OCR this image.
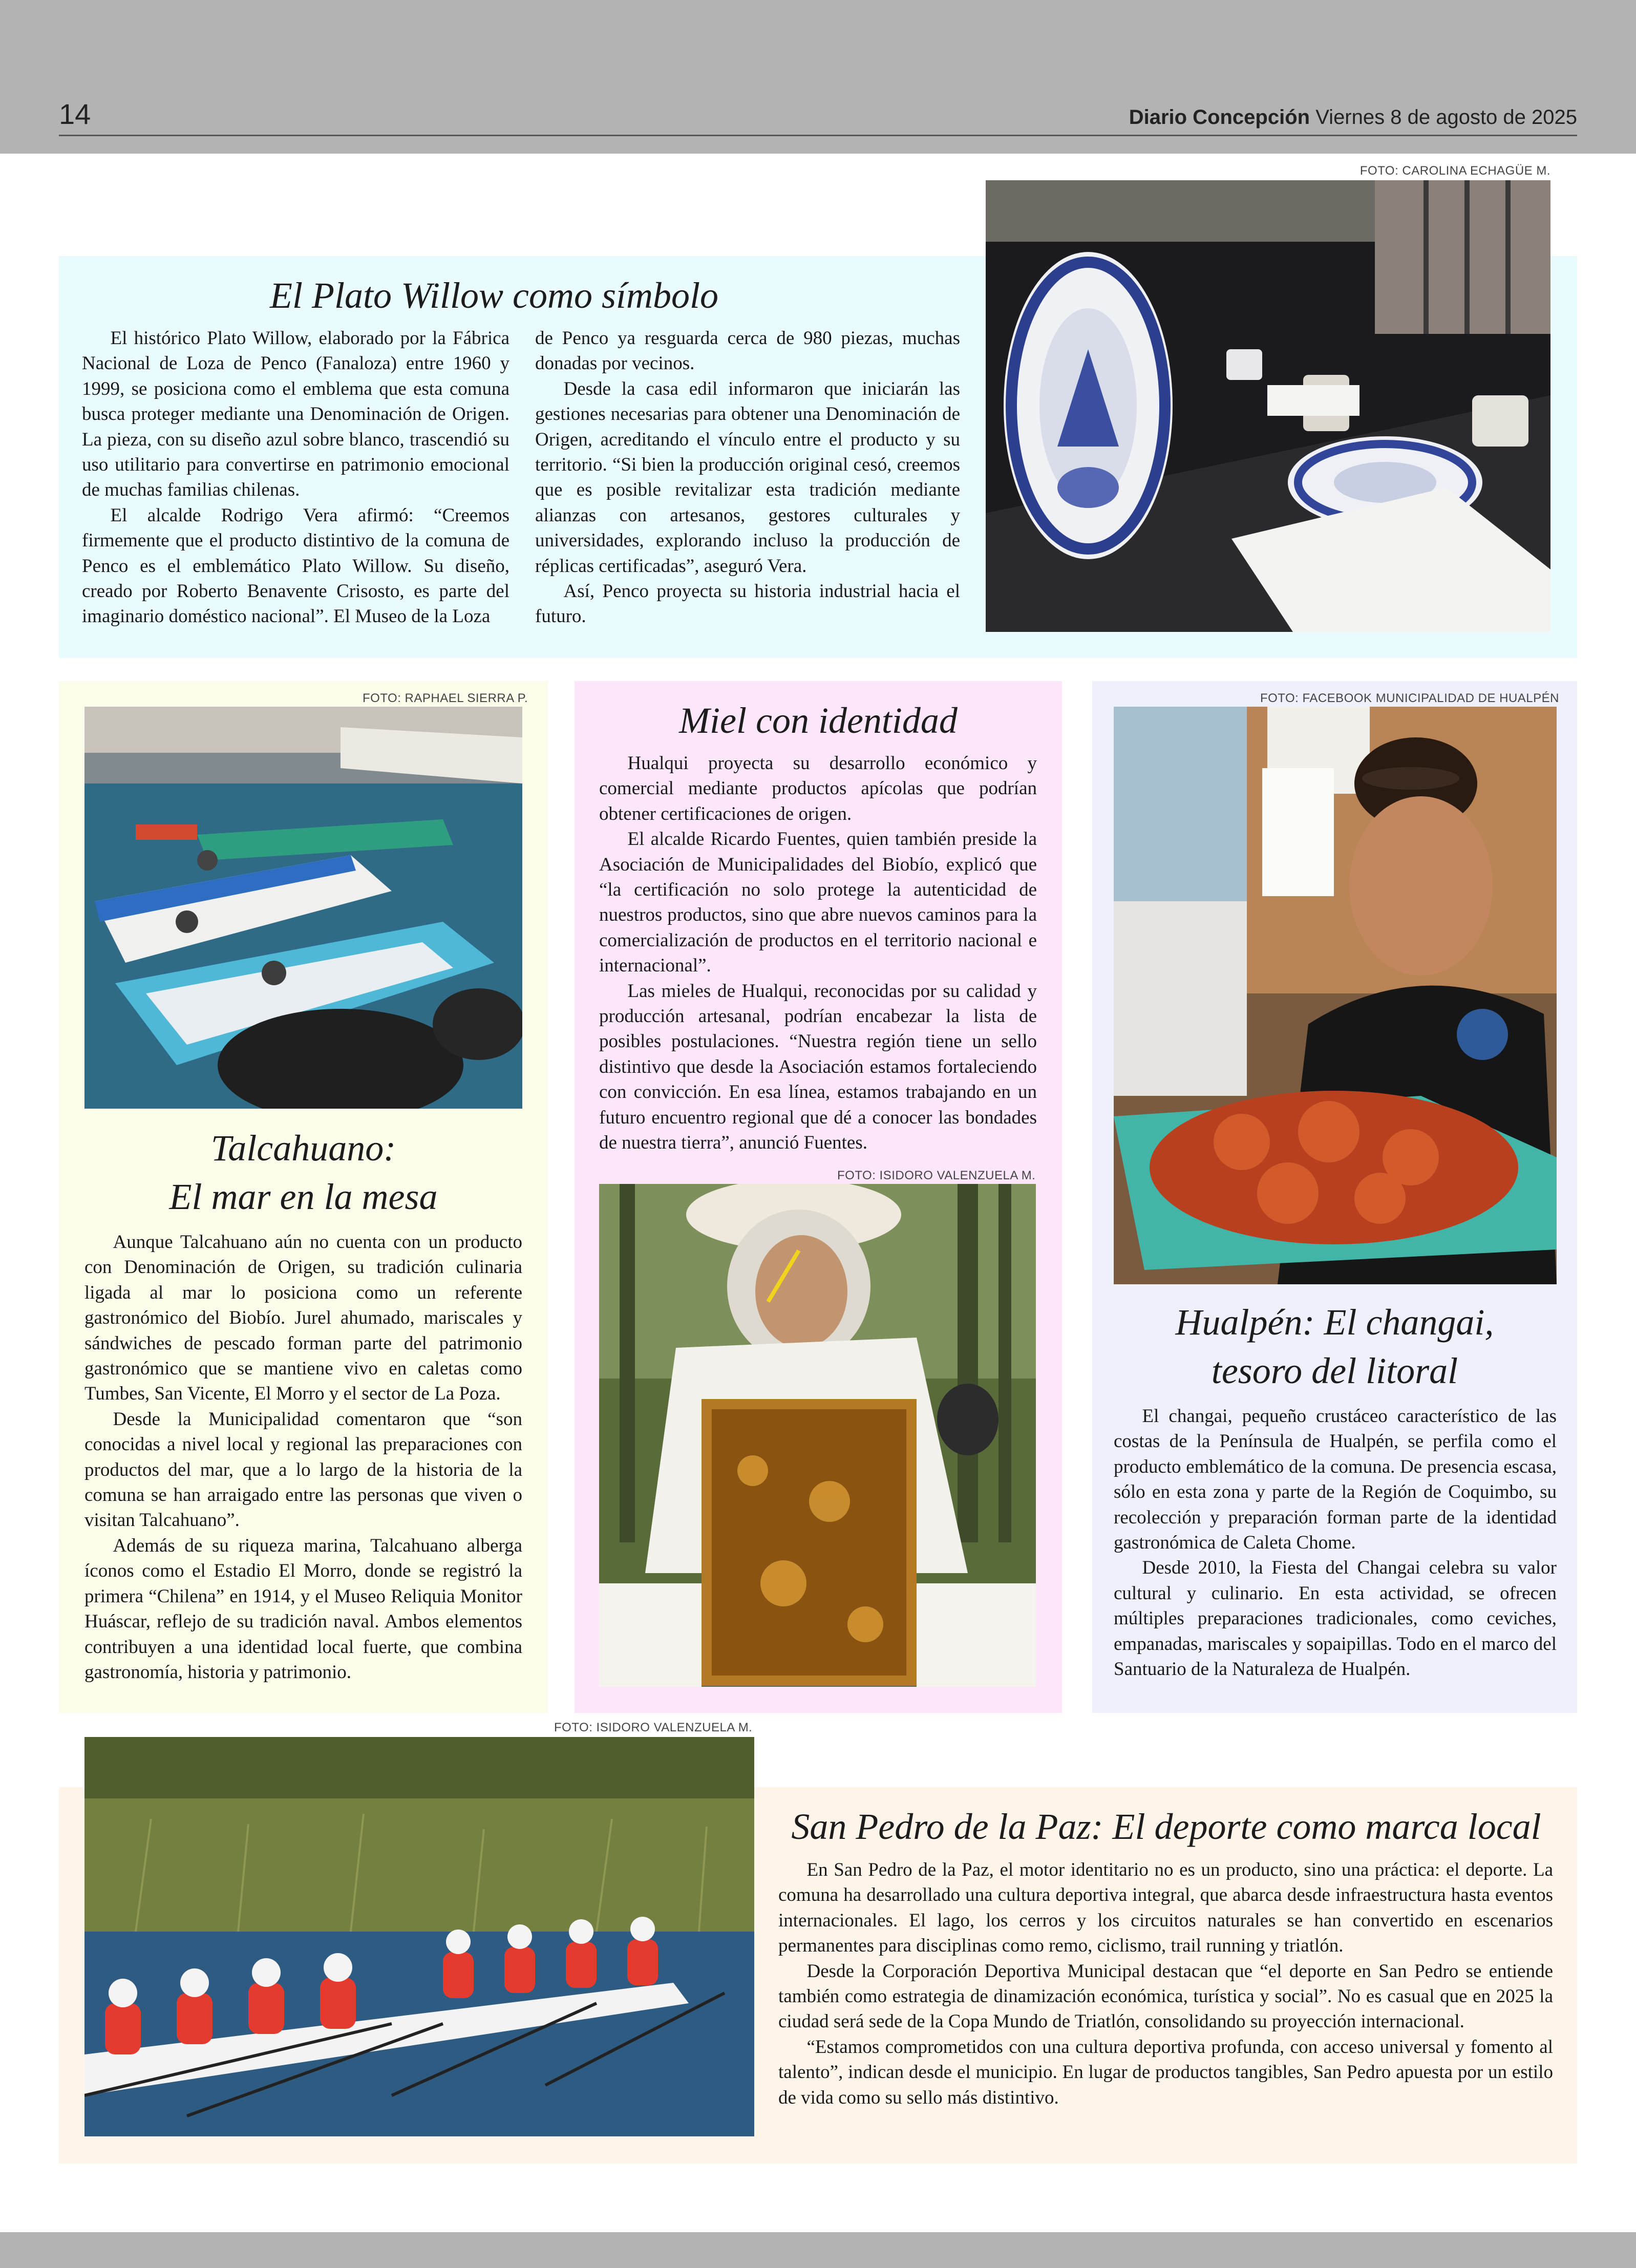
14	Diario Concepción Viernes 8 de agosto de 2025
El Plato Willow como símbolo

El histórico Plato Willow, elaborado por la Fábrica Nacional de Loza de Penco (Fanaloza) entre 1960 y 1999, se posiciona como el emblema que esta comuna busca proteger mediante una Denominación de Origen. La pieza, con su diseño azul sobre blanco, trascendió su uso utilitario para convertirse en patrimonio emocional de muchas familias chilenas.

El alcalde Rodrigo Vera afirmó: “Creemos firmemente que el producto distintivo de la comuna de Penco es el emblemático Plato Willow. Su diseño, creado por Roberto Benavente Crisosto, es parte del imaginario doméstico nacional”. El Museo de la Loza

de Penco ya resguarda cerca de 980 piezas, muchas donadas por vecinos.

Desde la casa edil informaron que iniciarán las gestiones necesarias para obtener una Denominación de Origen, acreditando el vínculo entre el producto y su territorio. “Si bien la producción original cesó, creemos que es posible revitalizar esta tradición mediante alianzas con artesanos, gestores culturales y universidades, explorando incluso la producción de réplicas certificadas”, aseguró Vera.

Así, Penco proyecta su historia industrial hacia el futuro.

FOTO: CAROLINA ECHAGÜE M.
FOTO: RAPHAEL SIERRA P.
Talcahuano:
El mar en la mesa

Aunque Talcahuano aún no cuenta con un producto con Denominación de Origen, su tradición culinaria ligada al mar lo posiciona como un referente gastronómico del Biobío. Jurel ahumado, mariscales y sándwiches de pescado forman parte del patrimonio gastronómico que se mantiene vivo en caletas como Tumbes, San Vicente, El Morro y el sector de La Poza.

Desde la Municipalidad comentaron que “son conocidas a nivel local y regional las preparaciones con productos del mar, que a lo largo de la historia de la comuna se han arraigado entre las personas que viven o visitan Talcahuano”.

Además de su riqueza marina, Talcahuano alberga íconos como el Estadio El Morro, donde se registró la primera “Chilena” en 1914, y el Museo Reliquia Monitor Huáscar, reflejo de su tradición naval. Ambos elementos contribuyen a una identidad local fuerte, que combina gastronomía, historia y patrimonio.

Miel con identidad

Hualqui proyecta su desarrollo económico y comercial mediante productos apícolas que podrían obtener certificaciones de origen.

El alcalde Ricardo Fuentes, quien también preside la Asociación de Municipalidades del Biobío, explicó que “la certificación no solo protege la autenticidad de nuestros productos, sino que abre nuevos caminos para la comercialización de productos en el territorio nacional e internacional”.

Las mieles de Hualqui, reconocidas por su calidad y producción artesanal, podrían encabezar la lista de posibles postulaciones. “Nuestra región tiene un sello distintivo que desde la Asociación estamos fortaleciendo con convicción. En esa línea, estamos trabajando en un futuro encuentro regional que dé a conocer las bondades de nuestra tierra”, anunció Fuentes.

FOTO: ISIDORO VALENZUELA M.
FOTO: FACEBOOK MUNICIPALIDAD DE HUALPÉN
Hualpén: El changai,
tesoro del litoral

El changai, pequeño crustáceo característico de las costas de la Península de Hualpén, se perfila como el producto emblemático de la comuna. De presencia escasa, sólo en esta zona y parte de la Región de Coquimbo, su recolección y preparación forman parte de la identidad gastronómica de Caleta Chome.

Desde 2010, la Fiesta del Changai celebra su valor cultural y culinario. En esta actividad, se ofrecen múltiples preparaciones tradicionales, como ceviches, empanadas, mariscales y sopaipillas. Todo en el marco del Santuario de la Naturaleza de Hualpén.

FOTO: ISIDORO VALENZUELA M.
San Pedro de la Paz: El deporte como marca local

En San Pedro de la Paz, el motor identitario no es un producto, sino una práctica: el deporte. La comuna ha desarrollado una cultura deportiva integral, que abarca desde infraestructura hasta eventos internacionales. El lago, los cerros y los circuitos naturales se han convertido en escenarios permanentes para disciplinas como remo, ciclismo, trail running y triatlón.

Desde la Corporación Deportiva Municipal destacan que “el deporte en San Pedro se entiende también como estrategia de dinamización económica, turística y social”. No es casual que en 2025 la ciudad será sede de la Copa Mundo de Triatlón, consolidando su proyección internacional.

“Estamos comprometidos con una cultura deportiva profunda, con acceso universal y fomento al talento”, indican desde el municipio. En lugar de productos tangibles, San Pedro apuesta por un estilo de vida como su sello más distintivo.
